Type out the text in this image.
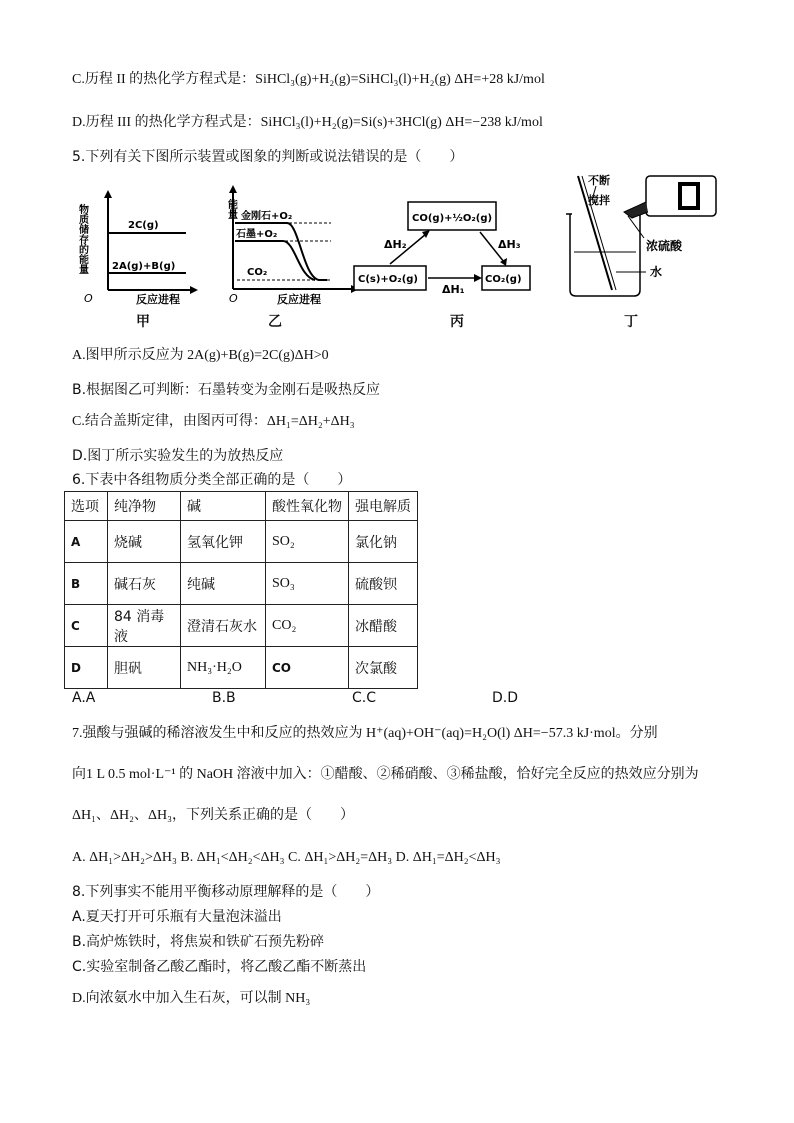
C.历程 II 的热化学方程式是：SiHCl₃(g)+H₂(g)=SiHCl₃(l)+H₂(g) ΔH=+28 kJ/mol
D.历程 III 的热化学方程式是：SiHCl₃(l)+H₂(g)=Si(s)+3HCl(g) ΔH=−238 kJ/mol
5.下列有关下图所示装置或图象的判断或说法错误的是（　　）
物质储存的能量	2C(g)
2A(g)+B(g)
O	反应进程
甲
能量 金刚石+O₂
石墨+O₂
CO₂
O	反应进程
乙
CO(g)+½O₂(g)
C(s)+O₂(g)	CO₂(g)
ΔH₂	ΔH₃
ΔH₁
丙
不断
搅拌
浓硫酸
水
丁
A.图甲所示反应为 2A(g)+B(g)=2C(g)ΔH>0
B.根据图乙可判断：石墨转变为金刚石是吸热反应
C.结合盖斯定律，由图丙可得：ΔH₁=ΔH₂+ΔH₃
D.图丁所示实验发生的为放热反应
6.下表中各组物质分类全部正确的是（　　）
选项	纯净物	碱	酸性氧化物	强电解质
A	烧碱	氢氧化钾	SO₂	氯化钠
B	碱石灰	纯碱	SO₃	硫酸钡
C	84 消毒液	澄清石灰水	CO₂	冰醋酸
D	胆矾	NH₃·H₂O	CO	次氯酸
A.A	B.B	C.C	D.D
7.强酸与强碱的稀溶液发生中和反应的热效应为 H⁺(aq)+OH⁻(aq)=H₂O(l) ΔH=−57.3 kJ·mol。分别
向1 L 0.5 mol·L⁻¹ 的 NaOH 溶液中加入：①醋酸、②稀硝酸、③稀盐酸，恰好完全反应的热效应分别为
ΔH₁、ΔH₂、ΔH₃，下列关系正确的是（　　）
A. ΔH₁>ΔH₂>ΔH₃ B. ΔH₁<ΔH₂<ΔH₃ C. ΔH₁>ΔH₂=ΔH₃ D. ΔH₁=ΔH₂<ΔH₃
8.下列事实不能用平衡移动原理解释的是（　　）
A.夏天打开可乐瓶有大量泡沫溢出
B.高炉炼铁时，将焦炭和铁矿石预先粉碎
C.实验室制备乙酸乙酯时，将乙酸乙酯不断蒸出
D.向浓氨水中加入生石灰，可以制 NH₃
